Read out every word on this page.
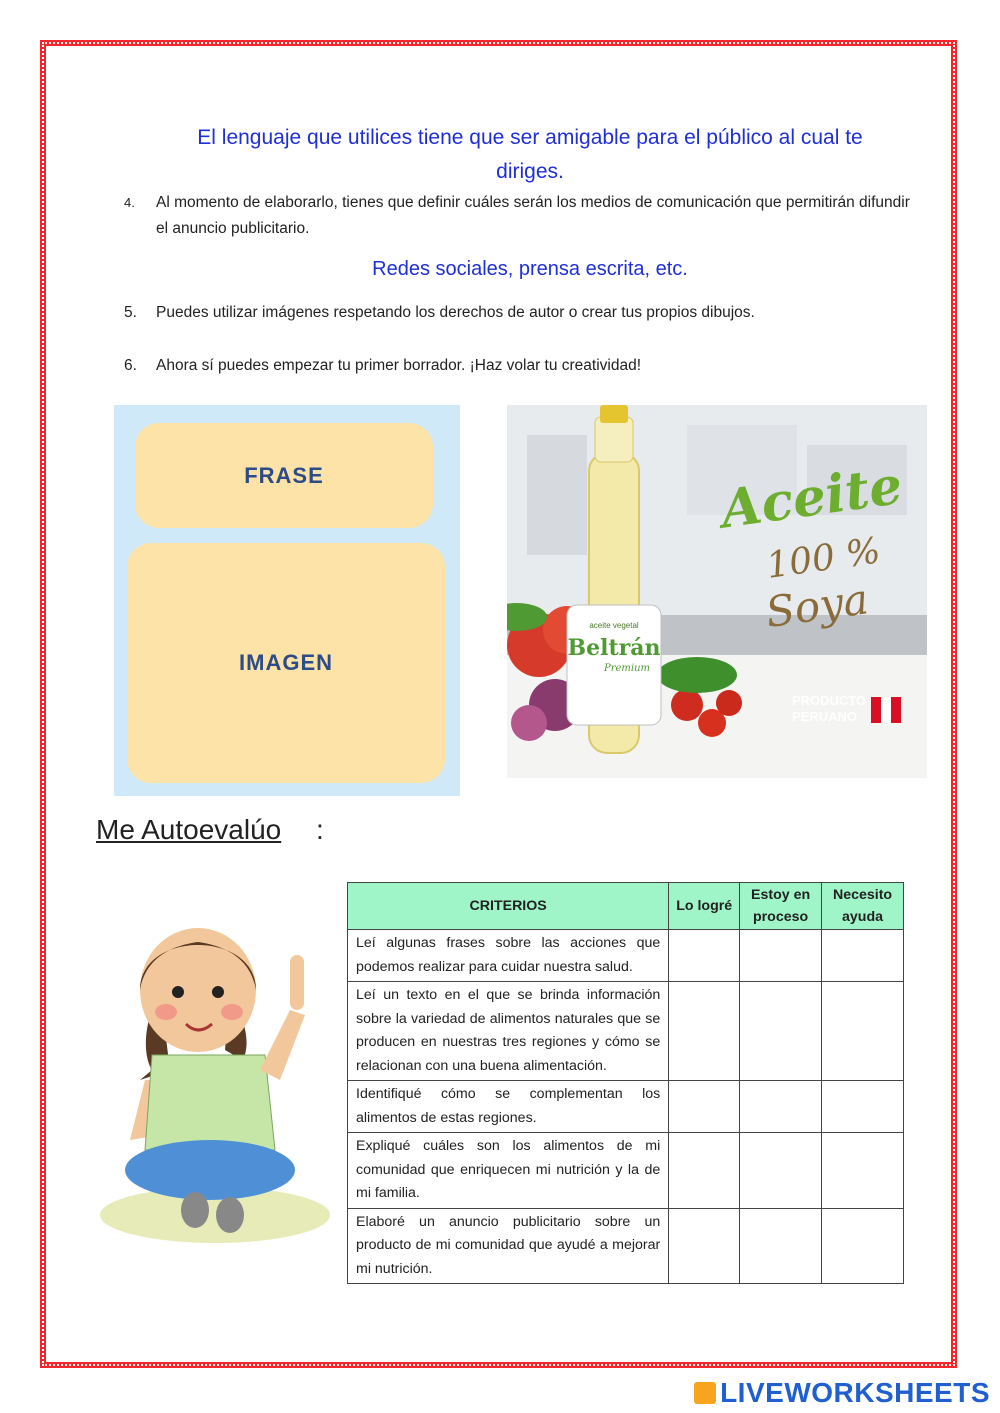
El lenguaje que utilices tiene que ser amigable para el público al cual te
diriges.
4. Al momento de elaborarlo, tienes que definir cuáles serán los medios de comunicación que permitirán difundir el anuncio publicitario.
Redes sociales, prensa escrita, etc.
5. Puedes utilizar imágenes respetando los derechos de autor o crear tus propios dibujos.
6. Ahora sí puedes empezar tu primer borrador. ¡Haz volar tu creatividad!
FRASE
IMAGEN
aceite vegetal
Beltrán
Premium
Aceite
100 %
Soya
PRODUCTO
PERUANO
Me Autoevalúo :
CRITERIOS	Lo logré	Estoy en proceso	Necesito ayuda
Leí algunas frases sobre las acciones que podemos realizar para cuidar nuestra salud.			
Leí un texto en el que se brinda información sobre la variedad de alimentos naturales que se producen en nuestras tres regiones y cómo se relacionan con una buena alimentación.			
Identifiqué cómo se complementan los alimentos de estas regiones.			
Expliqué cuáles son los alimentos de mi comunidad que enriquecen mi nutrición y la de mi familia.			
Elaboré un anuncio publicitario sobre un producto de mi comunidad que ayudé a mejorar mi nutrición.			
LIVEWORKSHEETS
